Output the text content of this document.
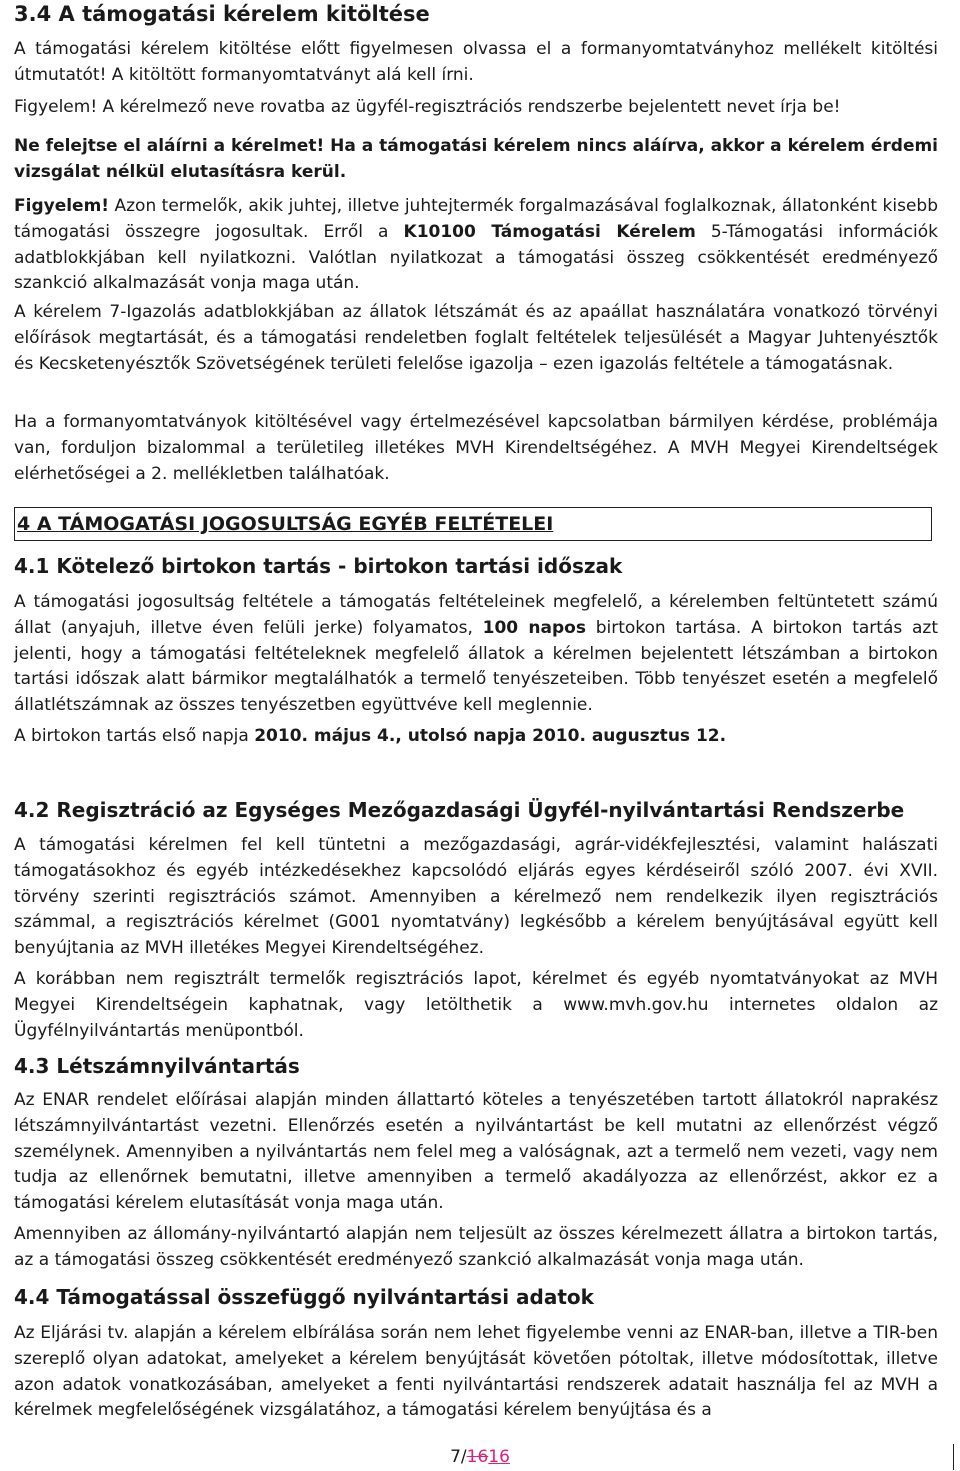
3.4 A támogatási kérelem kitöltése

A támogatási kérelem kitöltése előtt figyelmesen olvassa el a formanyomtatványhoz mellékelt kitöltési útmutatót! A kitöltött formanyomtatványt alá kell írni.

Figyelem! A kérelmező neve rovatba az ügyfél-regisztrációs rendszerbe bejelentett nevet írja be!

Ne felejtse el aláírni a kérelmet! Ha a támogatási kérelem nincs aláírva, akkor a kérelem érdemi vizsgálat nélkül elutasításra kerül.

Figyelem! Azon termelők, akik juhtej, illetve juhtejtermék forgalmazásával foglalkoznak, állatonként kisebb támogatási összegre jogosultak. Erről a K10100 Támogatási Kérelem 5-Támogatási információk adatblokkjában kell nyilatkozni. Valótlan nyilatkozat a támogatási összeg csökkentését eredményező szankció alkalmazását vonja maga után.

A kérelem 7-Igazolás adatblokkjában az állatok létszámát és az apaállat használatára vonatkozó törvényi előírások megtartását, és a támogatási rendeletben foglalt feltételek teljesülését a Magyar Juhtenyésztők és Kecsketenyésztők Szövetségének területi felelőse igazolja – ezen igazolás feltétele a támogatásnak.

Ha a formanyomtatványok kitöltésével vagy értelmezésével kapcsolatban bármilyen kérdése, problémája van, forduljon bizalommal a területileg illetékes MVH Kirendeltségéhez. A MVH Megyei Kirendeltségek elérhetőségei a 2. mellékletben találhatóak.

4 A TÁMOGATÁSI JOGOSULTSÁG EGYÉB FELTÉTELEI
4.1 Kötelező birtokon tartás - birtokon tartási időszak

A támogatási jogosultság feltétele a támogatás feltételeinek megfelelő, a kérelemben feltüntetett számú állat (anyajuh, illetve éven felüli jerke) folyamatos, 100 napos birtokon tartása. A birtokon tartás azt jelenti, hogy a támogatási feltételeknek megfelelő állatok a kérelmen bejelentett létszámban a birtokon tartási időszak alatt bármikor megtalálhatók a termelő tenyészeteiben. Több tenyészet esetén a megfelelő állatlétszámnak az összes tenyészetben együttvéve kell meglennie.

A birtokon tartás első napja 2010. május 4., utolsó napja 2010. augusztus 12.

4.2 Regisztráció az Egységes Mezőgazdasági Ügyfél-nyilvántartási Rendszerbe

A támogatási kérelmen fel kell tüntetni a mezőgazdasági, agrár-vidékfejlesztési, valamint halászati támogatásokhoz és egyéb intézkedésekhez kapcsolódó eljárás egyes kérdéseiről szóló 2007. évi XVII. törvény szerinti regisztrációs számot. Amennyiben a kérelmező nem rendelkezik ilyen regisztrációs számmal, a regisztrációs kérelmet (G001 nyomtatvány) legkésőbb a kérelem benyújtásával együtt kell benyújtania az MVH illetékes Megyei Kirendeltségéhez.

A korábban nem regisztrált termelők regisztrációs lapot, kérelmet és egyéb nyomtatványokat az MVH Megyei Kirendeltségein kaphatnak, vagy letölthetik a www.mvh.gov.hu internetes oldalon az Ügyfélnyilvántartás menüpontból.

4.3 Létszámnyilvántartás

Az ENAR rendelet előírásai alapján minden állattartó köteles a tenyészetében tartott állatokról naprakész létszámnyilvántartást vezetni. Ellenőrzés esetén a nyilvántartást be kell mutatni az ellenőrzést végző személynek. Amennyiben a nyilvántartás nem felel meg a valóságnak, azt a termelő nem vezeti, vagy nem tudja az ellenőrnek bemutatni, illetve amennyiben a termelő akadályozza az ellenőrzést, akkor ez a támogatási kérelem elutasítását vonja maga után.

Amennyiben az állomány-nyilvántartó alapján nem teljesült az összes kérelmezett állatra a birtokon tartás, az a támogatási összeg csökkentését eredményező szankció alkalmazását vonja maga után.

4.4 Támogatással összefüggő nyilvántartási adatok

Az Eljárási tv. alapján a kérelem elbírálása során nem lehet figyelembe venni az ENAR-ban, illetve a TIR-ben szereplő olyan adatokat, amelyeket a kérelem benyújtását követően pótoltak, illetve módosítottak, illetve azon adatok vonatkozásában, amelyeket a fenti nyilvántartási rendszerek adatait használja fel az MVH a kérelmek megfelelőségének vizsgálatához, a támogatási kérelem benyújtása és a

7/1616
